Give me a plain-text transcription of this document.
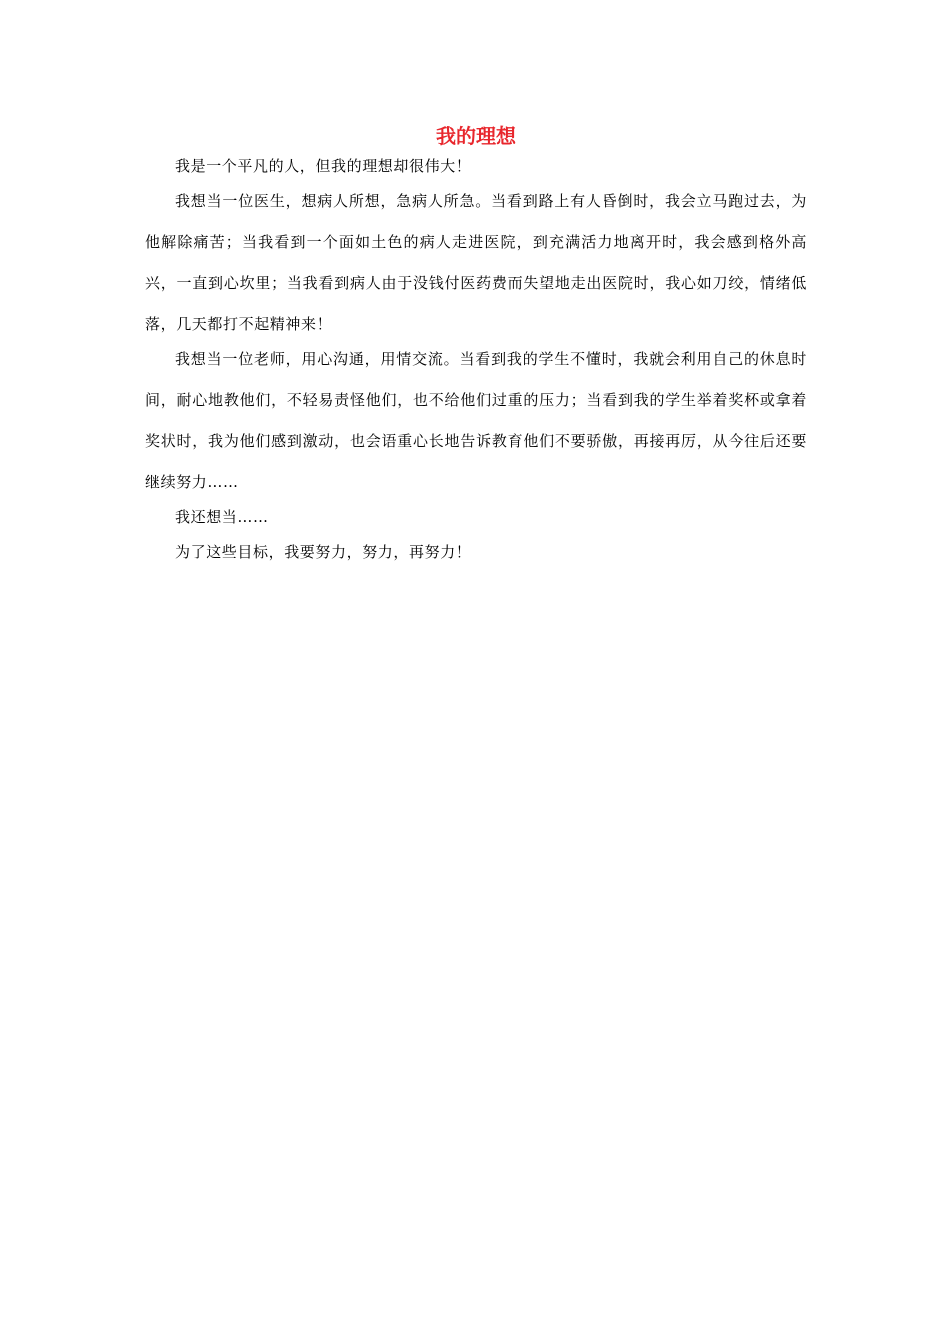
我的理想

我是一个平凡的人，但我的理想却很伟大！

我想当一位医生，想病人所想，急病人所急。当看到路上有人昏倒时，我会立马跑过去，为他解除痛苦；当我看到一个面如土色的病人走进医院，到充满活力地离开时，我会感到格外高兴，一直到心坎里；当我看到病人由于没钱付医药费而失望地走出医院时，我心如刀绞，情绪低落，几天都打不起精神来！

我想当一位老师，用心沟通，用情交流。当看到我的学生不懂时，我就会利用自己的休息时间，耐心地教他们，不轻易责怪他们，也不给他们过重的压力；当看到我的学生举着奖杯或拿着奖状时，我为他们感到激动，也会语重心长地告诉教育他们不要骄傲，再接再厉，从今往后还要继续努力……

我还想当……

为了这些目标，我要努力，努力，再努力！
